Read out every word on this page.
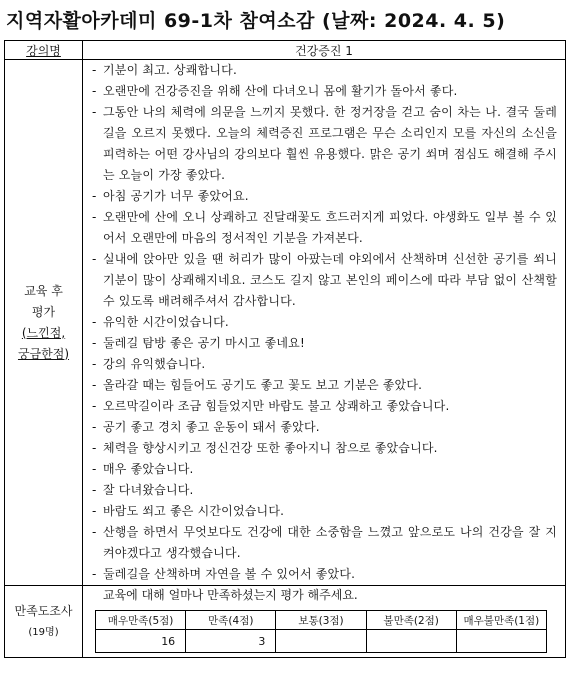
지역자활아카데미 69-1차 참여소감 (날짜: 2024. 4. 5)
강의명	건강증진 1

교육 후
평가
(느낀점,
궁금한점)

- 기분이 최고. 상쾌합니다.
- 오랜만에 건강증진을 위해 산에 다녀오니 몸에 활기가 돌아서 좋다.
- 그동안 나의 체력에 의문을 느끼지 못했다. 한 정거장을 걷고 숨이 차는 나. 결국 둘레길을 오르지 못했다. 오늘의 체력증진 프로그램은 무슨 소리인지 모를 자신의 소신을 피력하는 어떤 강사님의 강의보다 훨씬 유용했다. 맑은 공기 쐬며 점심도 해결해 주시는 오늘이 가장 좋았다.
- 아침 공기가 너무 좋았어요.
- 오랜만에 산에 오니 상쾌하고 진달래꽃도 흐드러지게 피었다. 야생화도 일부 볼 수 있어서 오랜만에 마음의 정서적인 기분을 가져본다.
- 실내에 앉아만 있을 땐 허리가 많이 아팠는데 야외에서 산책하며 신선한 공기를 쐬니 기분이 많이 상쾌해지네요. 코스도 길지 않고 본인의 페이스에 따라 부담 없이 산책할 수 있도록 배려해주셔서 감사합니다.
- 유익한 시간이었습니다.
- 둘레길 탐방 좋은 공기 마시고 좋네요!
- 강의 유익했습니다.
- 올라갈 때는 힘들어도 공기도 좋고 꽃도 보고 기분은 좋았다.
- 오르막길이라 조금 힘들었지만 바람도 불고 상쾌하고 좋았습니다.
- 공기 좋고 경치 좋고 운동이 돼서 좋았다.
- 체력을 향상시키고 정신건강 또한 좋아지니 참으로 좋았습니다.
- 매우 좋았습니다.
- 잘 다녀왔습니다.
- 바람도 쐬고 좋은 시간이었습니다.
- 산행을 하면서 무엇보다도 건강에 대한 소중함을 느꼈고 앞으로도 나의 건강을 잘 지켜야겠다고 생각했습니다.
- 둘레길을 산책하며 자연을 볼 수 있어서 좋았다.

만족도조사
(19명)

교육에 대해 얼마나 만족하셨는지 평가 해주세요.
매우만족(5점)	만족(4점)	보통(3점)	불만족(2점)	매우불만족(1점)
16	3			
